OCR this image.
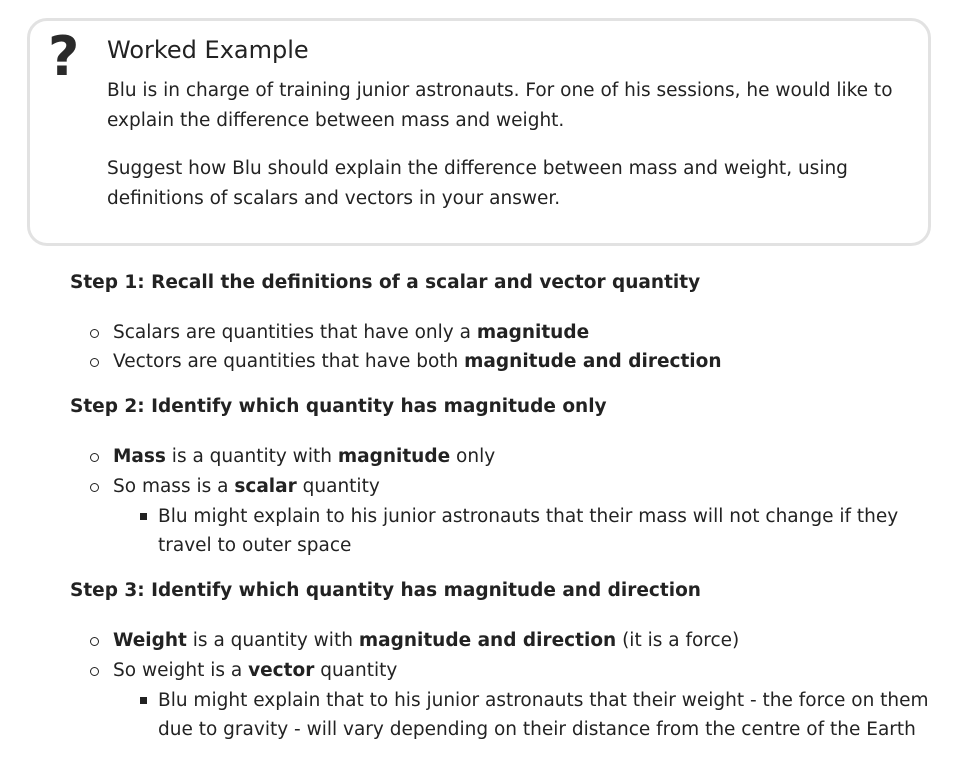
? Worked Example
Blu is in charge of training junior astronauts. For one of his sessions, he would like to explain the difference between mass and weight.
Suggest how Blu should explain the difference between mass and weight, using definitions of scalars and vectors in your answer.
Step 1: Recall the definitions of a scalar and vector quantity
Scalars are quantities that have only a magnitude
Vectors are quantities that have both magnitude and direction
Step 2: Identify which quantity has magnitude only
Mass is a quantity with magnitude only
So mass is a scalar quantity
Blu might explain to his junior astronauts that their mass will not change if they travel to outer space
Step 3: Identify which quantity has magnitude and direction
Weight is a quantity with magnitude and direction (it is a force)
So weight is a vector quantity
Blu might explain that to his junior astronauts that their weight - the force on them due to gravity - will vary depending on their distance from the centre of the Earth
